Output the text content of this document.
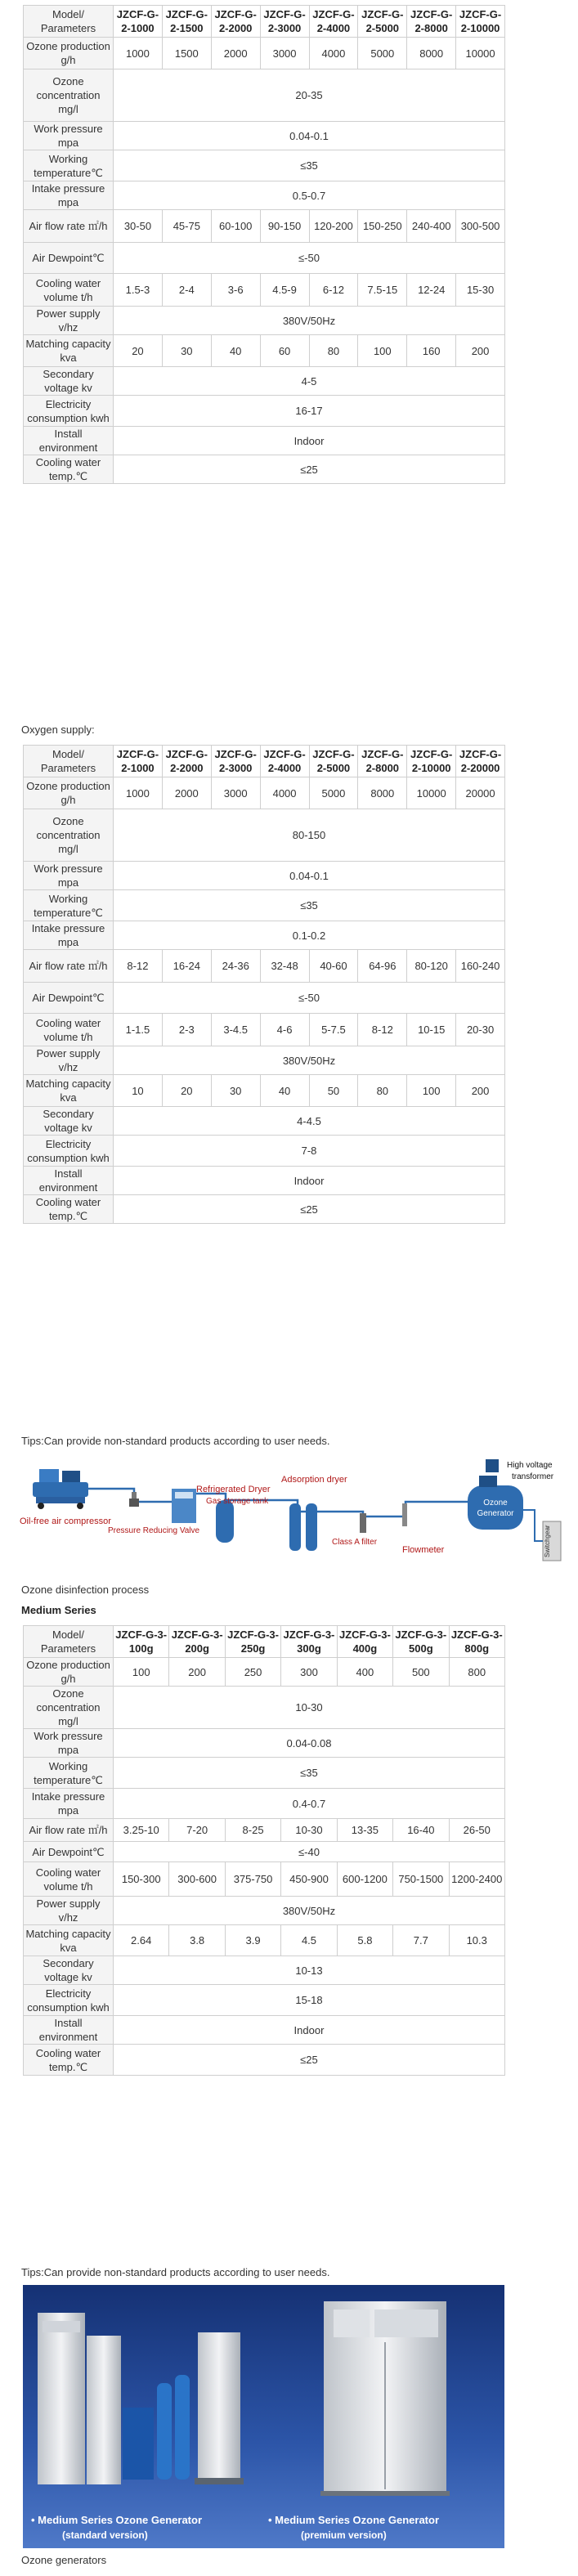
Model/ Parameters	JZCF-G-2-1000	JZCF-G-2-1500	JZCF-G-2-2000	JZCF-G-2-3000	JZCF-G-2-4000	JZCF-G-2-5000	JZCF-G-2-8000	JZCF-G-2-10000
Ozone production g/h	1000	1500	2000	3000	4000	5000	8000	10000
Ozone concentration mg/l	20-35							
Work pressure mpa	0.04-0.1							
Working temperature℃	≤35							
Intake pressure mpa	0.5-0.7							
Air flow rate ㎡/h	30-50	45-75	60-100	90-150	120-200	150-250	240-400	300-500
Air Dewpoint℃	≤-50							
Cooling water volume t/h	1.5-3	2-4	3-6	4.5-9	6-12	7.5-15	12-24	15-30
Power supply v/hz	380V/50Hz							
Matching capacity kva	20	30	40	60	80	100	160	200
Secondary voltage kv	4-5							
Electricity consumption kwh	16-17							
Install environment	Indoor							
Cooling water temp.℃	≤25							
Oxygen supply:
Model/ Parameters	JZCF-G-2-1000	JZCF-G-2-2000	JZCF-G-2-3000	JZCF-G-2-4000	JZCF-G-2-5000	JZCF-G-2-8000	JZCF-G-2-10000	JZCF-G-2-20000
Ozone production g/h	1000	2000	3000	4000	5000	8000	10000	20000
Ozone concentration mg/l	80-150							
Work pressure mpa	0.04-0.1							
Working temperature℃	≤35							
Intake pressure mpa	0.1-0.2							
Air flow rate ㎡/h	8-12	16-24	24-36	32-48	40-60	64-96	80-120	160-240
Air Dewpoint℃	≤-50							
Cooling water volume t/h	1-1.5	2-3	3-4.5	4-6	5-7.5	8-12	10-15	20-30
Power supply v/hz	380V/50Hz							
Matching capacity kva	10	20	30	40	50	80	100	200
Secondary voltage kv	4-4.5							
Electricity consumption kwh	7-8							
Install environment	Indoor							
Cooling water temp.℃	≤25							
Tips:Can provide non-standard products according to user needs.
Oil-free air compressor
Pressure Reducing Valve
Refrigerated Dryer
Gas storage tank
Adsorption dryer
Class A filter
Flowmeter
Ozone
Generator
High voltage
transformer
Switchgear
Ozone disinfection process
Medium Series
Model/ Parameters	JZCF-G-3-100g	JZCF-G-3-200g	JZCF-G-3-250g	JZCF-G-3-300g	JZCF-G-3-400g	JZCF-G-3-500g	JZCF-G-3-800g
Ozone production g/h	100	200	250	300	400	500	800
Ozone concentration mg/l	10-30						
Work pressure mpa	0.04-0.08						
Working temperature℃	≤35						
Intake pressure mpa	0.4-0.7						
Air flow rate ㎡/h	3.25-10	7-20	8-25	10-30	13-35	16-40	26-50
Air Dewpoint℃	≤-40						
Cooling water volume t/h	150-300	300-600	375-750	450-900	600-1200	750-1500	1200-2400
Power supply v/hz	380V/50Hz						
Matching capacity kva	2.64	3.8	3.9	4.5	5.8	7.7	10.3
Secondary voltage kv	10-13						
Electricity consumption kwh	15-18						
Install environment	Indoor						
Cooling water temp.℃	≤25						
Tips:Can provide non-standard products according to user needs.
• Medium Series Ozone Generator
(standard version)
• Medium Series Ozone Generator
(premium version)
Ozone generators
